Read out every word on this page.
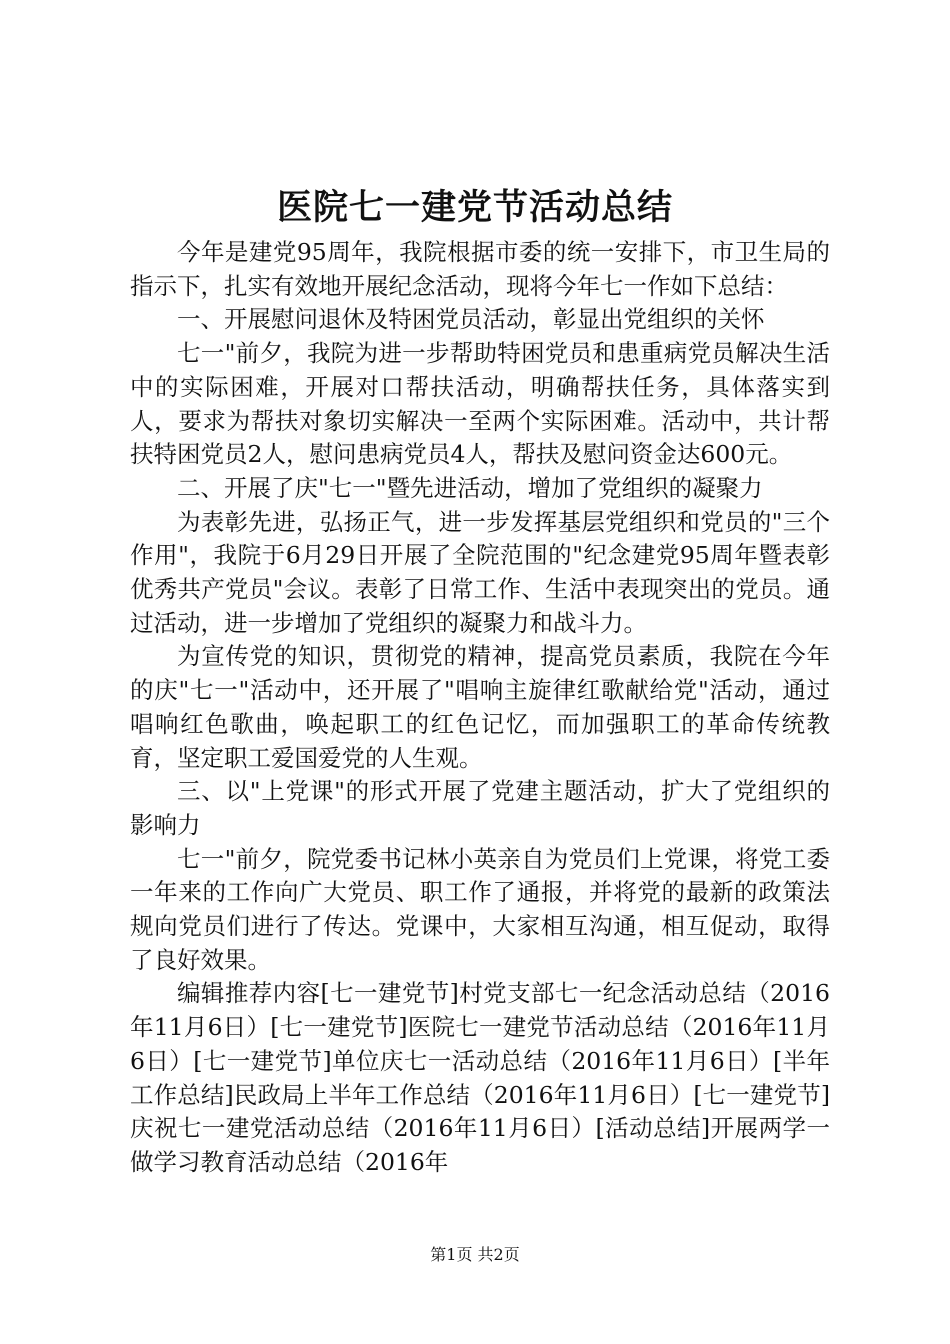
医院七一建党节活动总结

今年是建党95周年，我院根据市委的统一安排下，市卫生局的指示下，扎实有效地开展纪念活动，现将今年七一作如下总结：

一、开展慰问退休及特困党员活动，彰显出党组织的关怀

七一"前夕，我院为进一步帮助特困党员和患重病党员解决生活中的实际困难，开展对口帮扶活动，明确帮扶任务，具体落实到人，要求为帮扶对象切实解决一至两个实际困难。活动中，共计帮扶特困党员2人，慰问患病党员4人，帮扶及慰问资金达600元。

二、开展了庆"七一"暨先进活动，增加了党组织的凝聚力

为表彰先进，弘扬正气，进一步发挥基层党组织和党员的"三个作用"，我院于6月29日开展了全院范围的"纪念建党95周年暨表彰优秀共产党员"会议。表彰了日常工作、生活中表现突出的党员。通过活动，进一步增加了党组织的凝聚力和战斗力。

为宣传党的知识，贯彻党的精神，提高党员素质，我院在今年的庆"七一"活动中，还开展了"唱响主旋律红歌献给党"活动，通过唱响红色歌曲，唤起职工的红色记忆，而加强职工的革命传统教育，坚定职工爱国爱党的人生观。

三、以"上党课"的形式开展了党建主题活动，扩大了党组织的影响力

七一"前夕，院党委书记林小英亲自为党员们上党课，将党工委一年来的工作向广大党员、职工作了通报，并将党的最新的政策法规向党员们进行了传达。党课中，大家相互沟通，相互促动，取得了良好效果。

编辑推荐内容[七一建党节]村党支部七一纪念活动总结（2016年11月6日）[七一建党节]医院七一建党节活动总结（2016年11月6日）[七一建党节]单位庆七一活动总结（2016年11月6日）[半年工作总结]民政局上半年工作总结（2016年11月6日）[七一建党节]庆祝七一建党活动总结（2016年11月6日）[活动总结]开展两学一做学习教育活动总结（2016年

第1页 共2页
